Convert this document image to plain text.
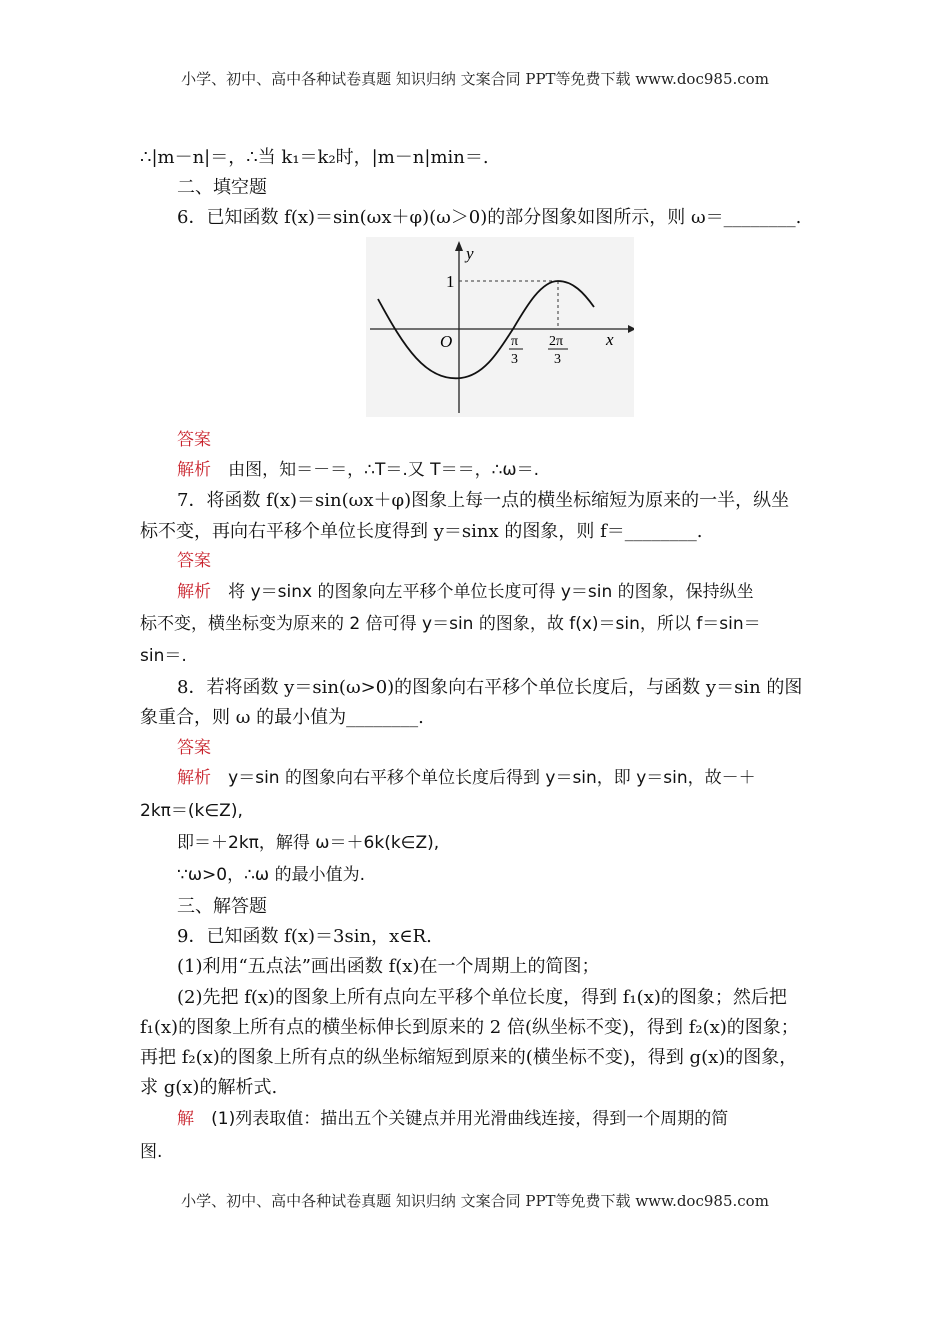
小学、初中、高中各种试卷真题 知识归纳 文案合同 PPT等免费下载 www.doc985.com
∴|m－n|＝，∴当 k₁＝k₂时，|m－n|min＝.
二、填空题
6．已知函数 f(x)＝sin(ωx＋φ)(ω＞0)的部分图象如图所示，则 ω＝________.
y
x
O
1
π
3
2π
3
答案
解析 由图，知＝－＝，∴T＝.又 T＝＝，∴ω＝.
7．将函数 f(x)＝sin(ωx＋φ)图象上每一点的横坐标缩短为原来的一半，纵坐
标不变，再向右平移个单位长度得到 y＝sinx 的图象，则 f＝________.
答案
解析 将 y＝sinx 的图象向左平移个单位长度可得 y＝sin 的图象，保持纵坐
标不变，横坐标变为原来的 2 倍可得 y＝sin 的图象，故 f(x)＝sin，所以 f＝sin＝
sin＝.
8．若将函数 y＝sin(ω>0)的图象向右平移个单位长度后，与函数 y＝sin 的图
象重合，则 ω 的最小值为________.
答案
解析 y＝sin 的图象向右平移个单位长度后得到 y＝sin，即 y＝sin，故－＋
2kπ＝(k∈Z),
即＝＋2kπ，解得 ω＝＋6k(k∈Z),
∵ω>0，∴ω 的最小值为.
三、解答题
9．已知函数 f(x)＝3sin，x∈R.
(1)利用“五点法”画出函数 f(x)在一个周期上的简图；
(2)先把 f(x)的图象上所有点向左平移个单位长度，得到 f₁(x)的图象；然后把
f₁(x)的图象上所有点的横坐标伸长到原来的 2 倍(纵坐标不变)，得到 f₂(x)的图象；
再把 f₂(x)的图象上所有点的纵坐标缩短到原来的(横坐标不变)，得到 g(x)的图象，
求 g(x)的解析式.
解 (1)列表取值：描出五个关键点并用光滑曲线连接，得到一个周期的简
图.
小学、初中、高中各种试卷真题 知识归纳 文案合同 PPT等免费下载 www.doc985.com
